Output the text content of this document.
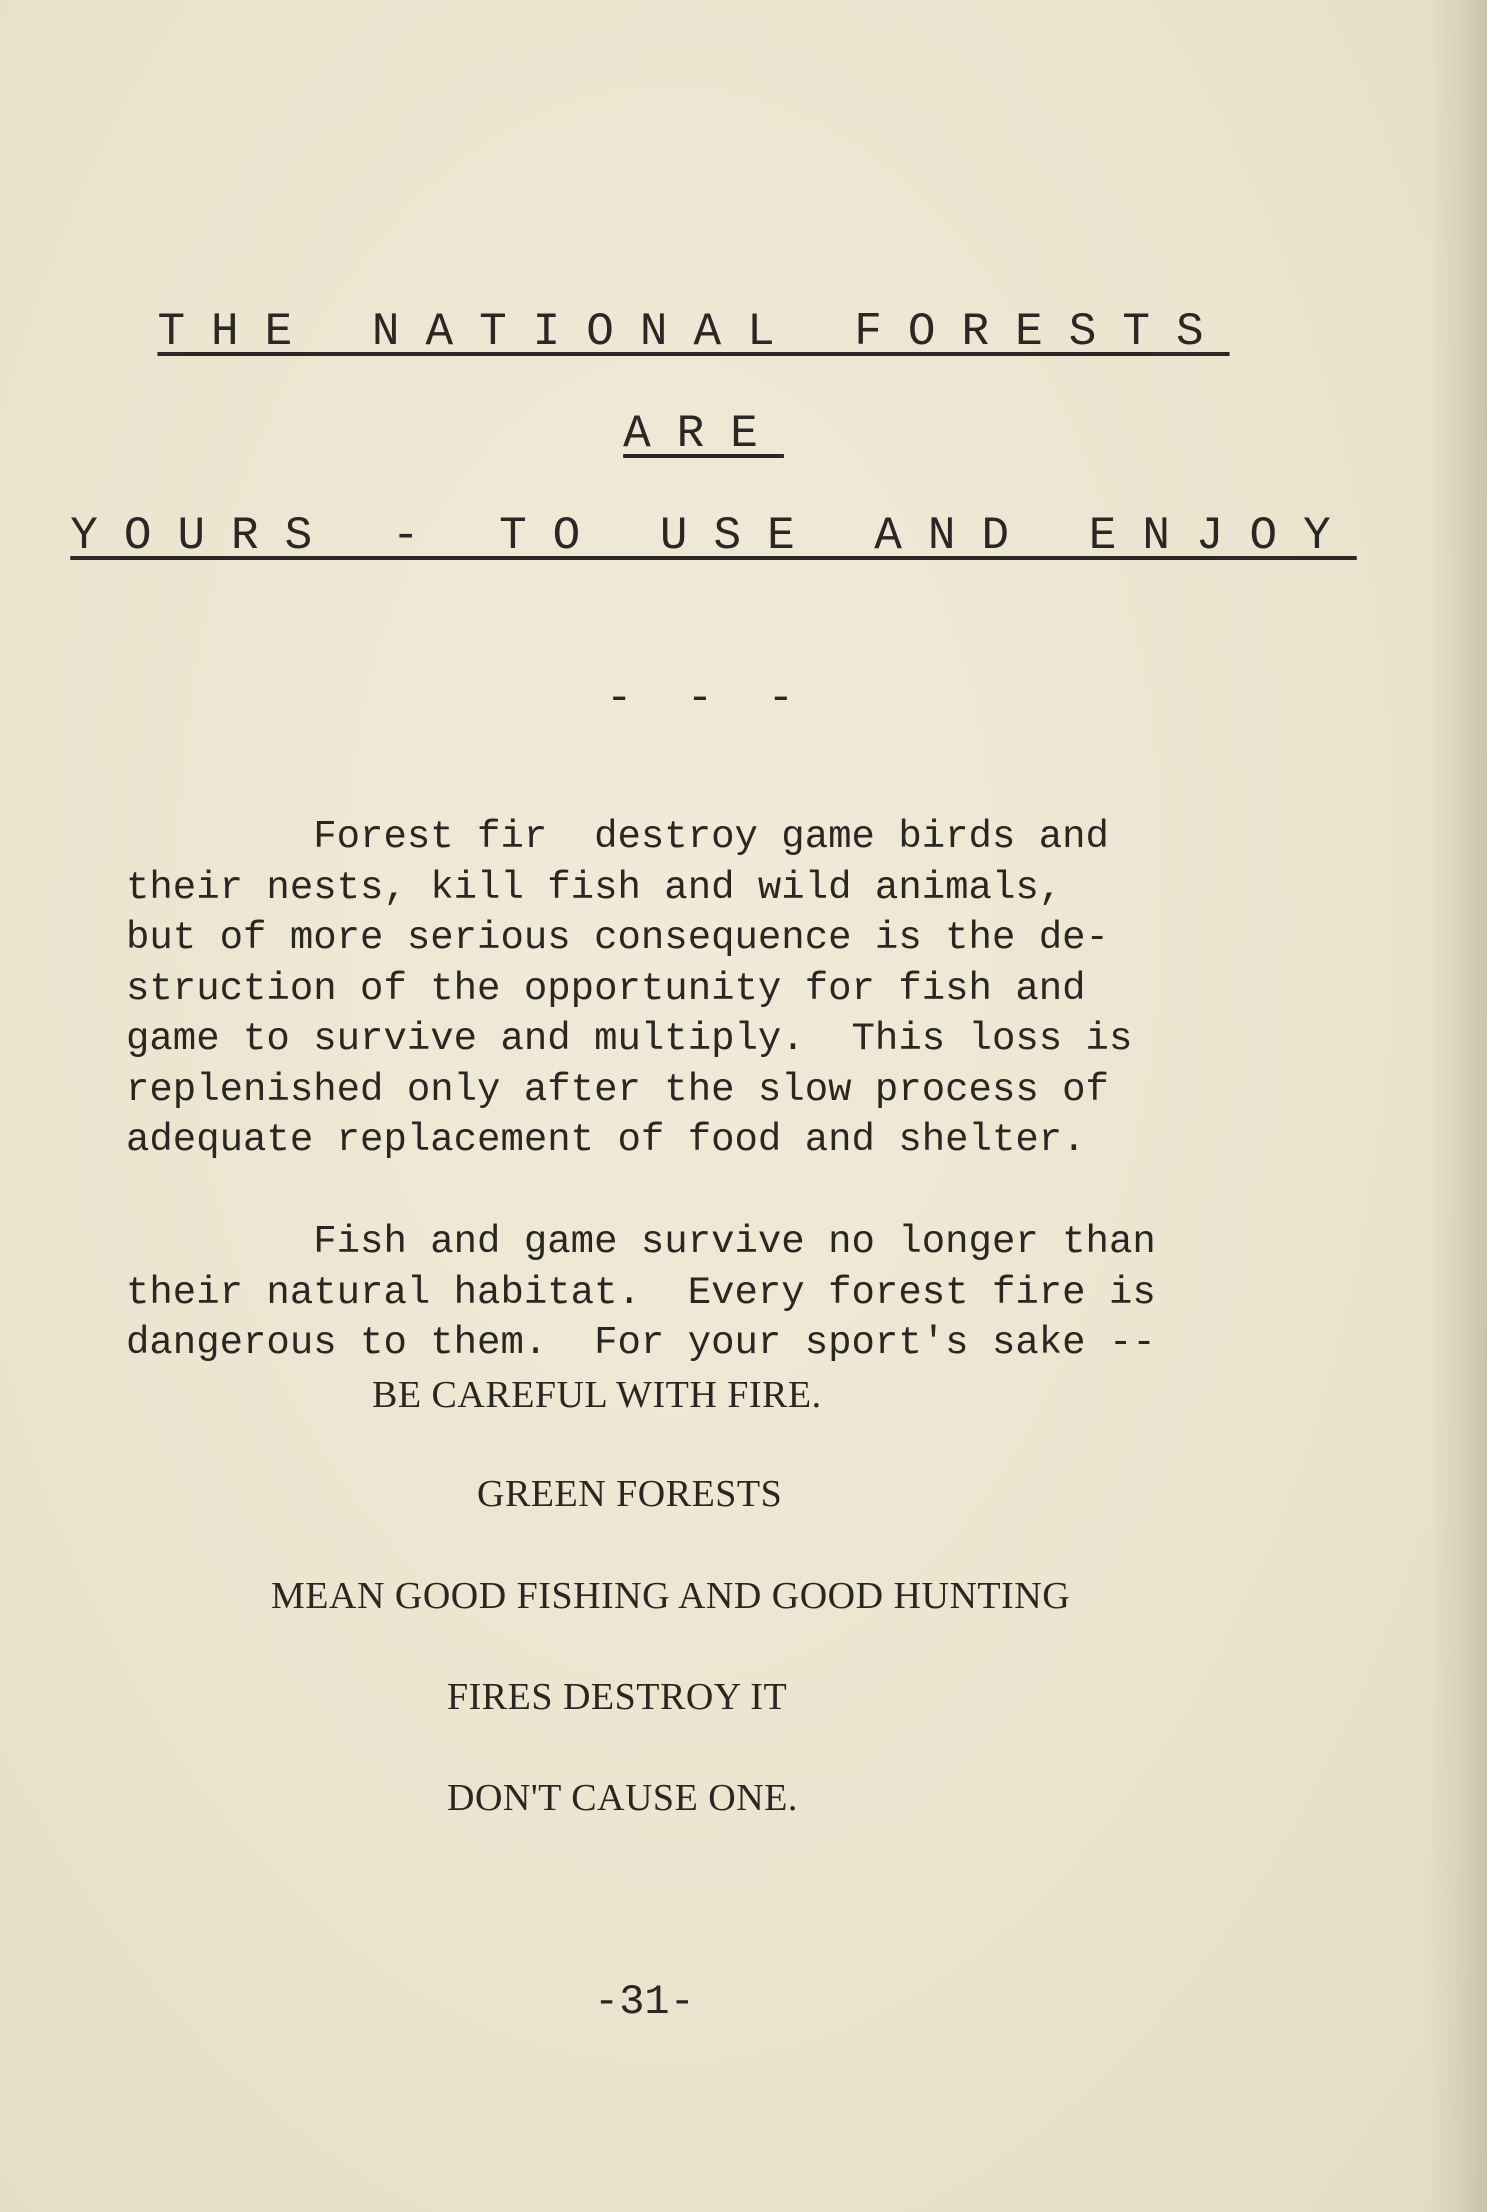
THE NATIONAL FORESTS
ARE
YOURS - TO USE AND ENJOY
- - -

Forest fir  destroy game birds and
their nests, kill fish and wild animals,
but of more serious consequence is the de-
struction of the opportunity for fish and
game to survive and multiply.  This loss is
replenished only after the slow process of
adequate replacement of food and shelter.

Fish and game survive no longer than
their natural habitat.  Every forest fire is
dangerous to them.  For your sport's sake --

BE CAREFUL WITH FIRE.
GREEN FORESTS
MEAN GOOD FISHING AND GOOD HUNTING
FIRES DESTROY IT
DON'T CAUSE ONE.
-31-
